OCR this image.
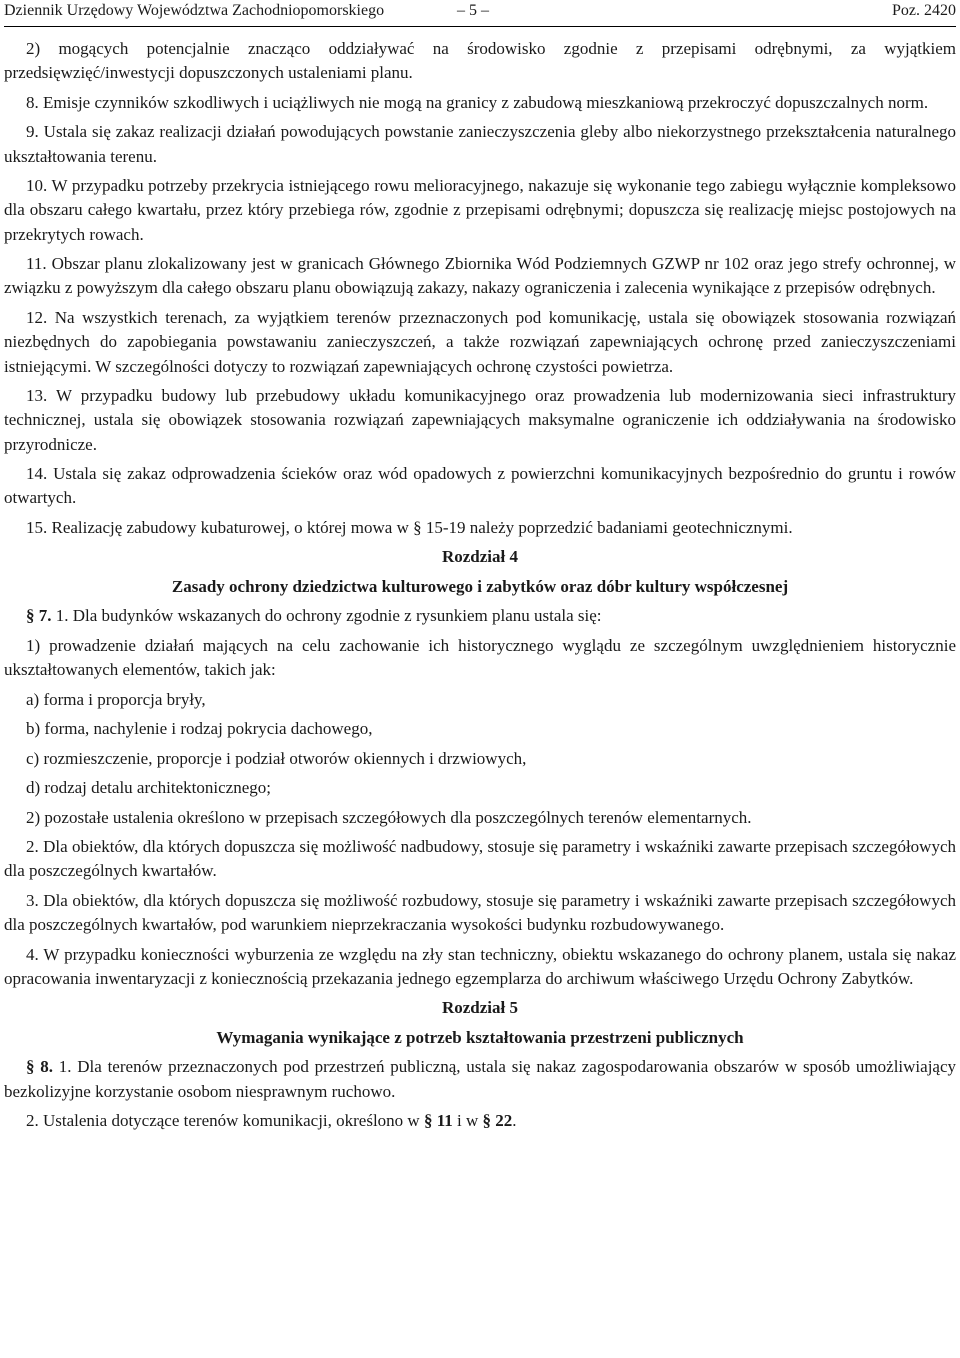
Dziennik Urzędowy Województwa Zachodniopomorskiego	– 5 –	Poz. 2420

2) mogących potencjalnie znacząco oddziaływać na środowisko zgodnie z przepisami odrębnymi, za wyjątkiem przedsięwzięć/inwestycji dopuszczonych ustaleniami planu.

8. Emisje czynników szkodliwych i uciążliwych nie mogą na granicy z zabudową mieszkaniową przekroczyć dopuszczalnych norm.

9. Ustala się zakaz realizacji działań powodujących powstanie zanieczyszczenia gleby albo niekorzystnego przekształcenia naturalnego ukształtowania terenu.

10. W przypadku potrzeby przekrycia istniejącego rowu melioracyjnego, nakazuje się wykonanie tego zabiegu wyłącznie kompleksowo dla obszaru całego kwartału, przez który przebiega rów, zgodnie z przepisami odrębnymi; dopuszcza się realizację miejsc postojowych na przekrytych rowach.

11. Obszar planu zlokalizowany jest w granicach Głównego Zbiornika Wód Podziemnych GZWP nr 102 oraz jego strefy ochronnej, w związku z powyższym dla całego obszaru planu obowiązują zakazy, nakazy ograniczenia i zalecenia wynikające z przepisów odrębnych.

12. Na wszystkich terenach, za wyjątkiem terenów przeznaczonych pod komunikację, ustala się obowiązek stosowania rozwiązań niezbędnych do zapobiegania powstawaniu zanieczyszczeń, a także rozwiązań zapewniających ochronę przed zanieczyszczeniami istniejącymi. W szczególności dotyczy to rozwiązań zapewniających ochronę czystości powietrza.

13. W przypadku budowy lub przebudowy układu komunikacyjnego oraz prowadzenia lub modernizowania sieci infrastruktury technicznej, ustala się obowiązek stosowania rozwiązań zapewniających maksymalne ograniczenie ich oddziaływania na środowisko przyrodnicze.

14. Ustala się zakaz odprowadzenia ścieków oraz wód opadowych z powierzchni komunikacyjnych bezpośrednio do gruntu i rowów otwartych.

15. Realizację zabudowy kubaturowej, o której mowa w § 15-19 należy poprzedzić badaniami geotechnicznymi.

Rozdział 4

Zasady ochrony dziedzictwa kulturowego i zabytków oraz dóbr kultury współczesnej

§ 7. 1. Dla budynków wskazanych do ochrony zgodnie z rysunkiem planu ustala się:

1) prowadzenie działań mających na celu zachowanie ich historycznego wyglądu ze szczególnym uwzględnieniem historycznie ukształtowanych elementów, takich jak:

a) forma i proporcja bryły,

b) forma, nachylenie i rodzaj pokrycia dachowego,

c) rozmieszczenie, proporcje i podział otworów okiennych i drzwiowych,

d) rodzaj detalu architektonicznego;

2) pozostałe ustalenia określono w przepisach szczegółowych dla poszczególnych terenów elementarnych.

2. Dla obiektów, dla których dopuszcza się możliwość nadbudowy, stosuje się parametry i wskaźniki zawarte przepisach szczegółowych dla poszczególnych kwartałów.

3. Dla obiektów, dla których dopuszcza się możliwość rozbudowy, stosuje się parametry i wskaźniki zawarte przepisach szczegółowych dla poszczególnych kwartałów, pod warunkiem nieprzekraczania wysokości budynku rozbudowywanego.

4. W przypadku konieczności wyburzenia ze względu na zły stan techniczny, obiektu wskazanego do ochrony planem, ustala się nakaz opracowania inwentaryzacji z koniecznością przekazania jednego egzemplarza do archiwum właściwego Urzędu Ochrony Zabytków.

Rozdział 5

Wymagania wynikające z potrzeb kształtowania przestrzeni publicznych

§ 8. 1. Dla terenów przeznaczonych pod przestrzeń publiczną, ustala się nakaz zagospodarowania obszarów w sposób umożliwiający bezkolizyjne korzystanie osobom niesprawnym ruchowo.

2. Ustalenia dotyczące terenów komunikacji, określono w § 11 i w § 22.
